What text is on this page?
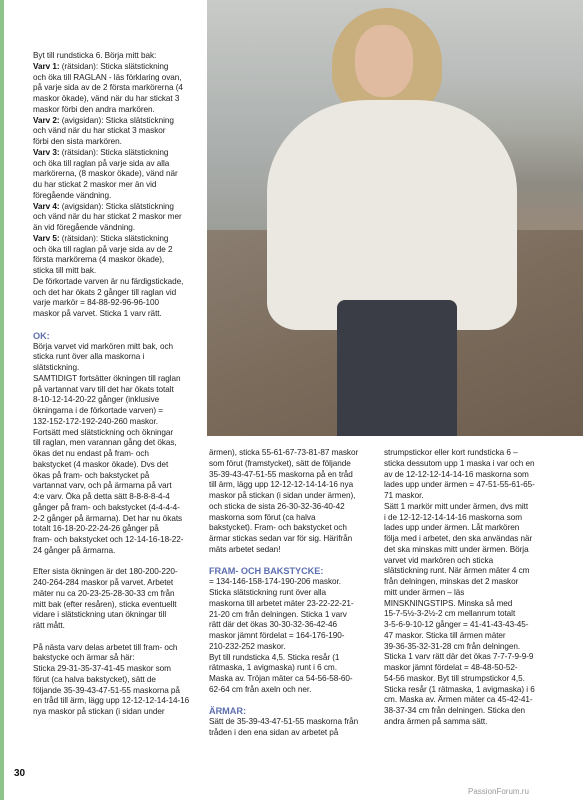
Byt till rundsticka 6. Börja mitt bak:

Varv 1: (rätsidan): Sticka slätstickning

och öka till RAGLAN - läs förklaring ovan,

på varje sida av de 2 första markörerna (4

maskor ökade), vänd när du har stickat 3

maskor förbi den andra markören.

Varv 2: (avigsidan): Sticka slätstickning

och vänd när du har stickat 3 maskor

förbi den sista markören.

Varv 3: (rätsidan): Sticka slätstickning

och öka till raglan på varje sida av alla

markörerna, (8 maskor ökade), vänd när

du har stickat 2 maskor mer än vid

föregående vändning.

Varv 4: (avigsidan): Sticka slätstickning

och vänd när du har stickat 2 maskor mer

än vid föregående vändning.

Varv 5: (rätsidan): Sticka slätstickning

och öka till raglan på varje sida av de 2

första markörerna (4 maskor ökade),

sticka till mitt bak.

De förkortade varven är nu färdigstickade,

och det har ökats 2 gånger till raglan vid

varje markör = 84-88-92-96-96-100

maskor på varvet. Sticka 1 varv rätt.

OK:

Börja varvet vid markören mitt bak, och

sticka runt över alla maskorna i

slätstickning.

SAMTIDIGT fortsätter ökningen till raglan

på vartannat varv till det har ökats totalt

8-10-12-14-20-22 gånger (inklusive

ökningarna i de förkortade varven) =

132-152-172-192-240-260 maskor.

Fortsätt med slätstickning och ökningar

till raglan, men varannan gång det ökas,

ökas det nu endast på fram- och

bakstycket (4 maskor ökade). Dvs det

ökas på fram- och bakstycket på

vartannat varv, och på ärmarna på vart

4:e varv. Öka på detta sätt 8-8-8-8-4-4

gånger på fram- och bakstycket (4-4-4-4-

2-2 gånger på ärmarna). Det har nu ökats

totalt 16-18-20-22-24-26 gånger på

fram- och bakstycket och 12-14-16-18-22-

24 gånger på ärmarna.

Efter sista ökningen är det 180-200-220-

240-264-284 maskor på varvet. Arbetet

mäter nu ca 20-23-25-28-30-33 cm från

mitt bak (efter resåren), sticka eventuellt

vidare i slätstickning utan ökningar till

rätt mått.

På nästa varv delas arbetet till fram- och

bakstycke och ärmar så här:

Sticka 29-31-35-37-41-45 maskor som

förut (ca halva bakstycket), sätt de

följande 35-39-43-47-51-55 maskorna på

en tråd till ärm, lägg upp 12-12-12-14-14-16

nya maskor på stickan (i sidan under

ärmen), sticka 55-61-67-73-81-87 maskor

som förut (framstycket), sätt de följande

35-39-43-47-51-55 maskorna på en tråd

till ärm, lägg upp 12-12-12-14-14-16 nya

maskor på stickan (i sidan under ärmen),

och sticka de sista 26-30-32-36-40-42

maskorna som förut (ca halva

bakstycket). Fram- och bakstycket och

ärmar stickas sedan var för sig. Härifrån

mäts arbetet sedan!

FRAM- OCH BAKSTYCKE:

= 134-146-158-174-190-206 maskor.

Sticka slätstickning runt över alla

maskorna till arbetet mäter 23-22-22-21-

21-20 cm från delningen. Sticka 1 varv

rätt där det ökas 30-30-32-36-42-46

maskor jämnt fördelat = 164-176-190-

210-232-252 maskor.

Byt till rundsticka 4,5. Sticka resår (1

rätmaska, 1 avigmaska) runt i 6 cm.

Maska av. Tröjan mäter ca 54-56-58-60-

62-64 cm från axeln och ner.

ÄRMAR:

Sätt de 35-39-43-47-51-55 maskorna från

tråden i den ena sidan av arbetet på

strumpstickor eller kort rundsticka 6 –

sticka dessutom upp 1 maska i var och en

av de 12-12-12-14-14-16 maskorna som

lades upp under ärmen = 47-51-55-61-65-

71 maskor.

Sätt 1 markör mitt under ärmen, dvs mitt

i de 12-12-12-14-14-16 maskorna som

lades upp under ärmen. Låt markören

följa med i arbetet, den ska användas när

det ska minskas mitt under ärmen. Börja

varvet vid markören och sticka

slätstickning runt. När ärmen mäter 4 cm

från delningen, minskas det 2 maskor

mitt under ärmen – läs

MINSKNINGSTIPS. Minska så med

15-7-5½-3-2½-2 cm mellanrum totalt

3-5-6-9-10-12 gånger = 41-41-43-43-45-

47 maskor. Sticka till ärmen mäter

39-36-35-32-31-28 cm från delningen.

Sticka 1 varv rätt där det ökas 7-7-7-9-9-9

maskor jämnt fördelat = 48-48-50-52-

54-56 maskor. Byt till strumpstickor 4,5.

Sticka resår (1 rätmaska, 1 avigmaska) i 6

cm. Maska av. Ärmen mäter ca 45-42-41-

38-37-34 cm från delningen. Sticka den

andra ärmen på samma sätt.

30
PassionForum.ru
